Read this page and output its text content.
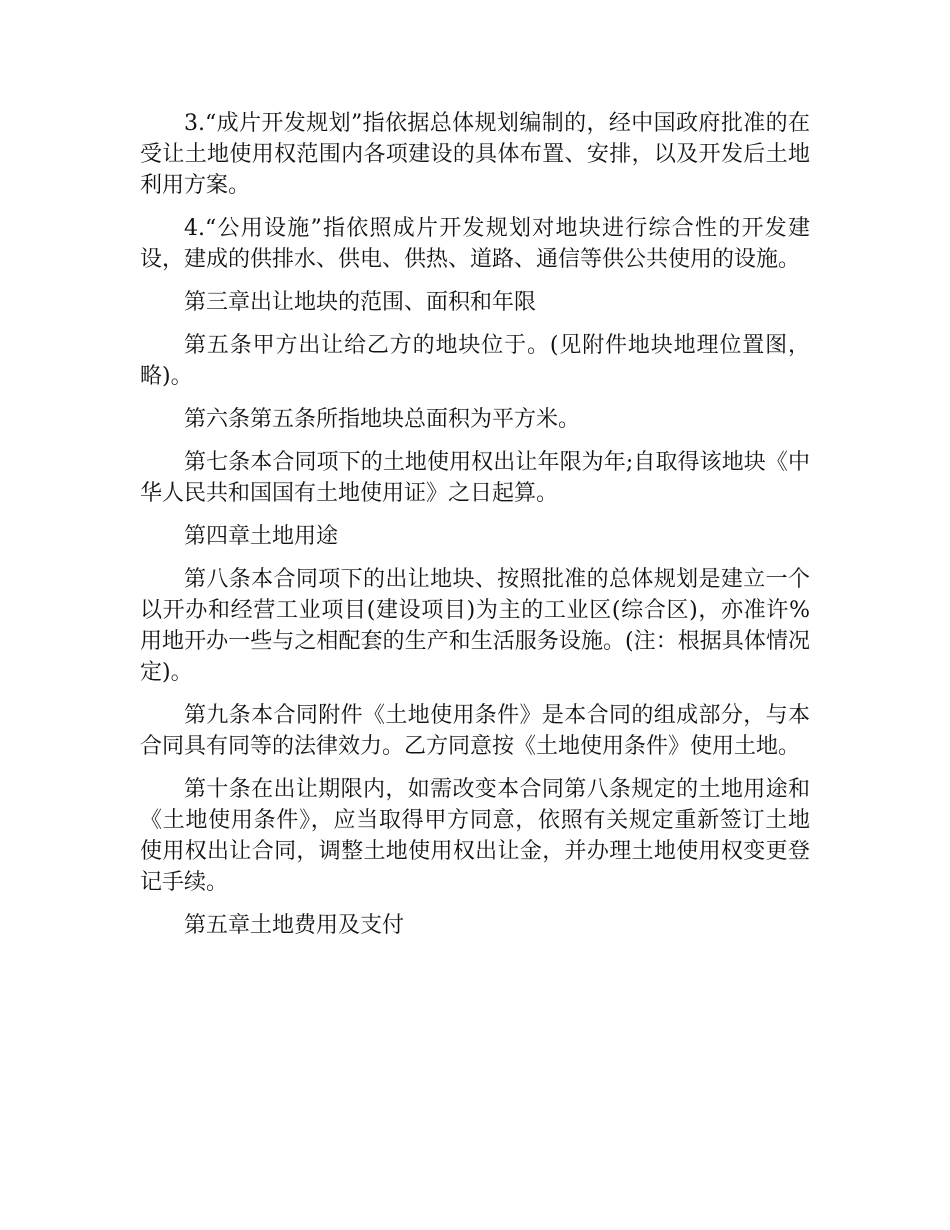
3.“成片开发规划”指依据总体规划编制的，经中国政府批准的在受让土地使用权范围内各项建设的具体布置、安排，以及开发后土地利用方案。

4.“公用设施”指依照成片开发规划对地块进行综合性的开发建设，建成的供排水、供电、供热、道路、通信等供公共使用的设施。

第三章出让地块的范围、面积和年限

第五条甲方出让给乙方的地块位于。(见附件地块地理位置图，略)。

第六条第五条所指地块总面积为平方米。

第七条本合同项下的土地使用权出让年限为年;自取得该地块《中华人民共和国国有土地使用证》之日起算。

第四章土地用途

第八条本合同项下的出让地块、按照批准的总体规划是建立一个以开办和经营工业项目(建设项目)为主的工业区(综合区)，亦准许%用地开办一些与之相配套的生产和生活服务设施。(注：根据具体情况定)。

第九条本合同附件《土地使用条件》是本合同的组成部分，与本合同具有同等的法律效力。乙方同意按《土地使用条件》使用土地。

第十条在出让期限内，如需改变本合同第八条规定的土地用途和《土地使用条件》，应当取得甲方同意，依照有关规定重新签订土地使用权出让合同，调整土地使用权出让金，并办理土地使用权变更登记手续。

第五章土地费用及支付
